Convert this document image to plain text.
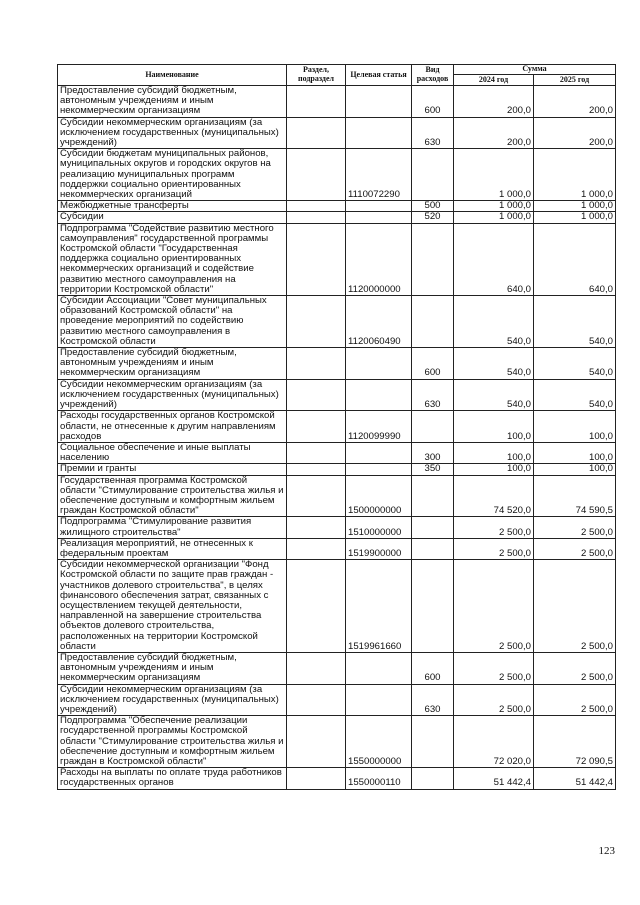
Наименование	Раздел, подраздел	Целевая статья	Вид расходов	Сумма	
				2024 год	2025 год
Предоставление субсидий бюджетным, автономным учреждениям и иным некоммерческим организациям			600	200,0	200,0
Субсидии некоммерческим организациям (за исключением государственных (муниципальных) учреждений)			630	200,0	200,0
Субсидии бюджетам муниципальных районов, муниципальных округов и городских округов на реализацию муниципальных программ поддержки социально ориентированных некоммерческих организаций		1110072290		1 000,0	1 000,0
Межбюджетные трансферты			500	1 000,0	1 000,0
Субсидии			520	1 000,0	1 000,0
Подпрограмма "Содействие развитию местного самоуправления" государственной программы Костромской области "Государственная поддержка социально ориентированных некоммерческих организаций и содействие развитию местного самоуправления на территории Костромской области"		1120000000		640,0	640,0
Субсидии Ассоциации "Совет муниципальных образований Костромской области" на проведение мероприятий по содействию развитию местного самоуправления в Костромской области		1120060490		540,0	540,0
Предоставление субсидий бюджетным, автономным учреждениям и иным некоммерческим организациям			600	540,0	540,0
Субсидии некоммерческим организациям (за исключением государственных (муниципальных) учреждений)			630	540,0	540,0
Расходы государственных органов Костромской области, не отнесенные к другим направлениям расходов		1120099990		100,0	100,0
Социальное обеспечение и иные выплаты населению			300	100,0	100,0
Премии и гранты			350	100,0	100,0
Государственная программа Костромской области "Стимулирование строительства жилья и обеспечение доступным и комфортным жильем граждан Костромской области"		1500000000		74 520,0	74 590,5
Подпрограмма "Стимулирование развития жилищного строительства"		1510000000		2 500,0	2 500,0
Реализация мероприятий, не отнесенных к федеральным проектам		1519900000		2 500,0	2 500,0
Субсидии некоммерческой организации "Фонд Костромской области по защите прав граждан - участников долевого строительства", в целях финансового обеспечения затрат, связанных с осуществлением текущей деятельности, направленной на завершение строительства объектов долевого строительства, расположенных на территории Костромской области		1519961660		2 500,0	2 500,0
Предоставление субсидий бюджетным, автономным учреждениям и иным некоммерческим организациям			600	2 500,0	2 500,0
Субсидии некоммерческим организациям (за исключением государственных (муниципальных) учреждений)			630	2 500,0	2 500,0
Подпрограмма "Обеспечение реализации государственной программы Костромской области "Стимулирование строительства жилья и обеспечение доступным и комфортным жильем граждан в Костромской области"		1550000000		72 020,0	72 090,5
Расходы на выплаты по оплате труда работников государственных органов		1550000110		51 442,4	51 442,4
123
